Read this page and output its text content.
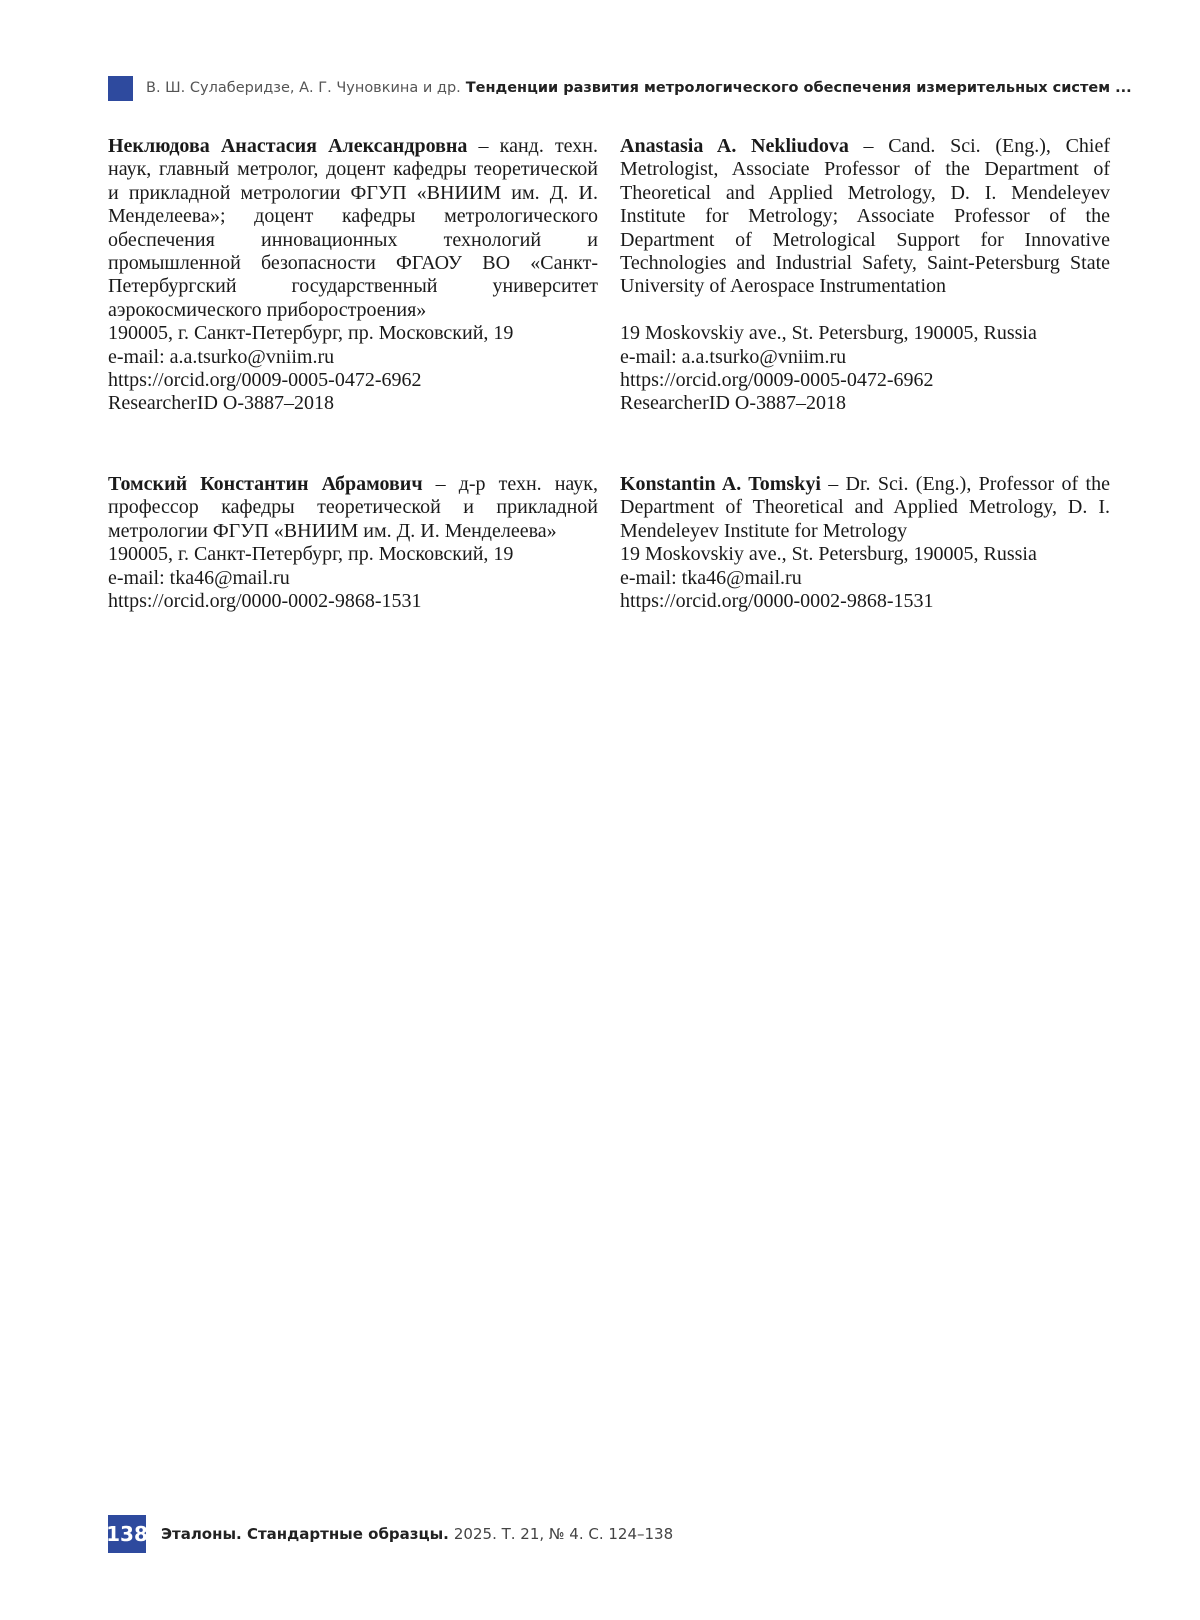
В. Ш. Сулаберидзе, А. Г. Чуновкина и др. Тенденции развития метрологического обеспечения измерительных систем ...

Неклюдова Анастасия Александровна – канд. техн. наук, главный метролог, доцент кафедры теоретической и прикладной метрологии ФГУП «ВНИИМ им. Д. И. Менделеева»; доцент кафедры метрологического обеспечения инновационных технологий и промышленной безопасности ФГАОУ ВО «Санкт-Петербургский государственный университет аэрокосмического приборостроения»

190005, г. Санкт-Петербург, пр. Московский, 19

e-mail: a.a.tsurko@vniim.ru

https://orcid.org/0009-0005-0472-6962

ResearcherID O-3887–2018

Anastasia A. Nekliudova – Cand. Sci. (Eng.), Chief Metrologist, Associate Professor of the Department of Theoretical and Applied Metrology, D. I. Mendeleyev Institute for Metrology; Associate Professor of the Department of Metrological Support for Innovative Technologies and Industrial Safety, Saint-Petersburg State University of Aerospace Instrumentation

19 Moskovskiy ave., St. Petersburg, 190005, Russia

e-mail: a.a.tsurko@vniim.ru

https://orcid.org/0009-0005-0472-6962

ResearcherID O-3887–2018

Томский Константин Абрамович – д-р техн. наук, профессор кафедры теоретической и прикладной метрологии ФГУП «ВНИИМ им. Д. И. Менделеева»

190005, г. Санкт-Петербург, пр. Московский, 19

e-mail: tka46@mail.ru

https://orcid.org/0000-0002-9868-1531

Konstantin A. Tomskyi – Dr. Sci. (Eng.), Professor of the Department of Theoretical and Applied Metrology, D. I. Mendeleyev Institute for Metrology

19 Moskovskiy ave., St. Petersburg, 190005, Russia

e-mail: tka46@mail.ru

https://orcid.org/0000-0002-9868-1531

138 Эталоны. Стандартные образцы. 2025. Т. 21, № 4. С. 124–138
